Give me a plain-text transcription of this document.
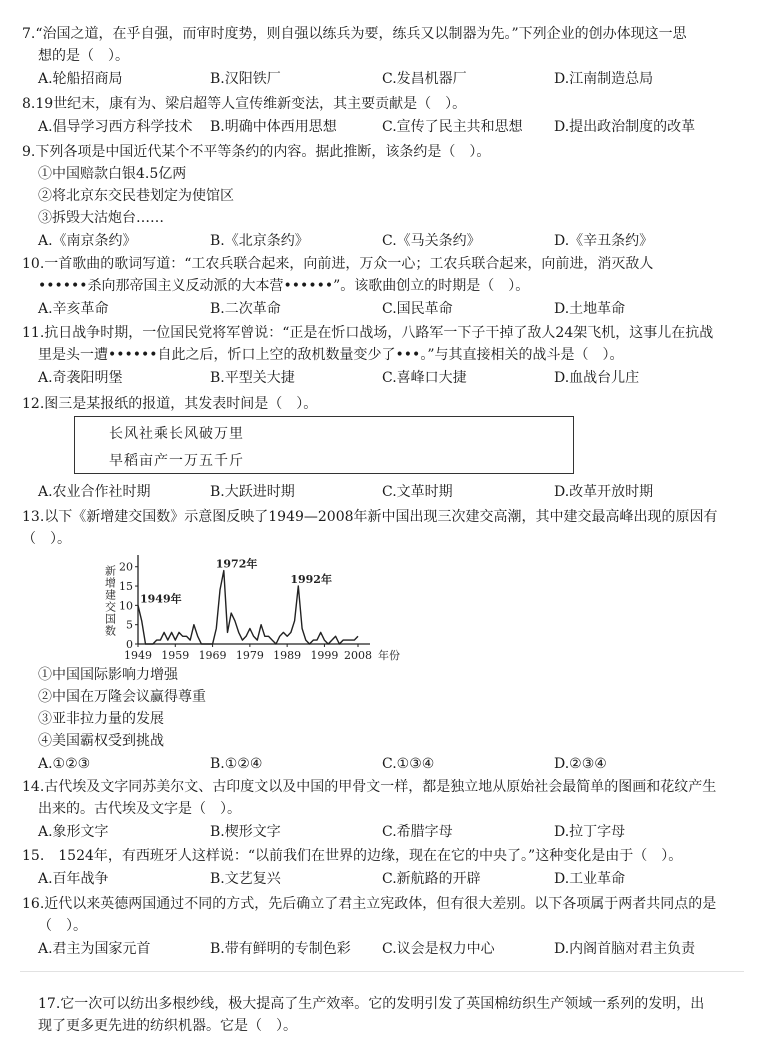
7.“治国之道，在乎自强，而审时度势，则自强以练兵为要，练兵又以制器为先。”下列企业的创办体现这一思
想的是（　）。
A.轮船招商局	B.汉阳铁厂	C.发昌机器厂	D.江南制造总局
8.19世纪末，康有为、梁启超等人宣传维新变法，其主要贡献是（　）。
A.倡导学习西方科学技术	B.明确中体西用思想	C.宣传了民主共和思想	D.提出政治制度的改革
9.下列各项是中国近代某个不平等条约的内容。据此推断，该条约是（　）。
①中国赔款白银4.5亿两
②将北京东交民巷划定为使馆区
③拆毁大沽炮台……
A.《南京条约》	B.《北京条约》	C.《马关条约》	D.《辛丑条约》
10.一首歌曲的歌词写道：“工农兵联合起来，向前进，万众一心；工农兵联合起来，向前进，消灭敌人
••••••杀向那帝国主义反动派的大本营••••••”。该歌曲创立的时期是（　）。
A.辛亥革命	B.二次革命	C.国民革命	D.土地革命
11.抗日战争时期，一位国民党将军曾说：“正是在忻口战场，八路军一下子干掉了敌人24架飞机，这事儿在抗战
里是头一遭••••••自此之后，忻口上空的敌机数量变少了•••。”与其直接相关的战斗是（　）。
A.奇袭阳明堡	B.平型关大捷	C.喜峰口大捷	D.血战台儿庄
12.图三是某报纸的报道，其发表时间是（　）。
长风社乘长风破万里
早稻亩产一万五千斤
A.农业合作社时期	B.大跃进时期	C.文革时期	D.改革开放时期
13.以下《新增建交国数》示意图反映了1949—2008年新中国出现三次建交高潮，其中建交最高峰出现的原因有
（　）。
0
5
10
15
20
1949 1959 1969 1979 1989 1999 2008 年份
新增建交国数 1949年
1972年
1992年
①中国国际影响力增强
②中国在万隆会议赢得尊重
③亚非拉力量的发展
④美国霸权受到挑战
A.①②③	B.①②④	C.①③④	D.②③④
14.古代埃及文字同苏美尔文、古印度文以及中国的甲骨文一样，都是独立地从原始社会最简单的图画和花纹产生
出来的。古代埃及文字是（　）。
A.象形文字	B.楔形文字	C.希腊字母	D.拉丁字母
15.　1524年，有西班牙人这样说：“以前我们在世界的边缘，现在在它的中央了。”这种变化是由于（　）。
A.百年战争	B.文艺复兴	C.新航路的开辟	D.工业革命
16.近代以来英德两国通过不同的方式，先后确立了君主立宪政体，但有很大差别。以下各项属于两者共同点的是
（　）。
A.君主为国家元首	B.带有鲜明的专制色彩	C.议会是权力中心	D.内阁首脑对君主负责
17.它一次可以纺出多根纱线，极大提高了生产效率。它的发明引发了英国棉纺织生产领域一系列的发明，出
现了更多更先进的纺织机器。它是（　）。
